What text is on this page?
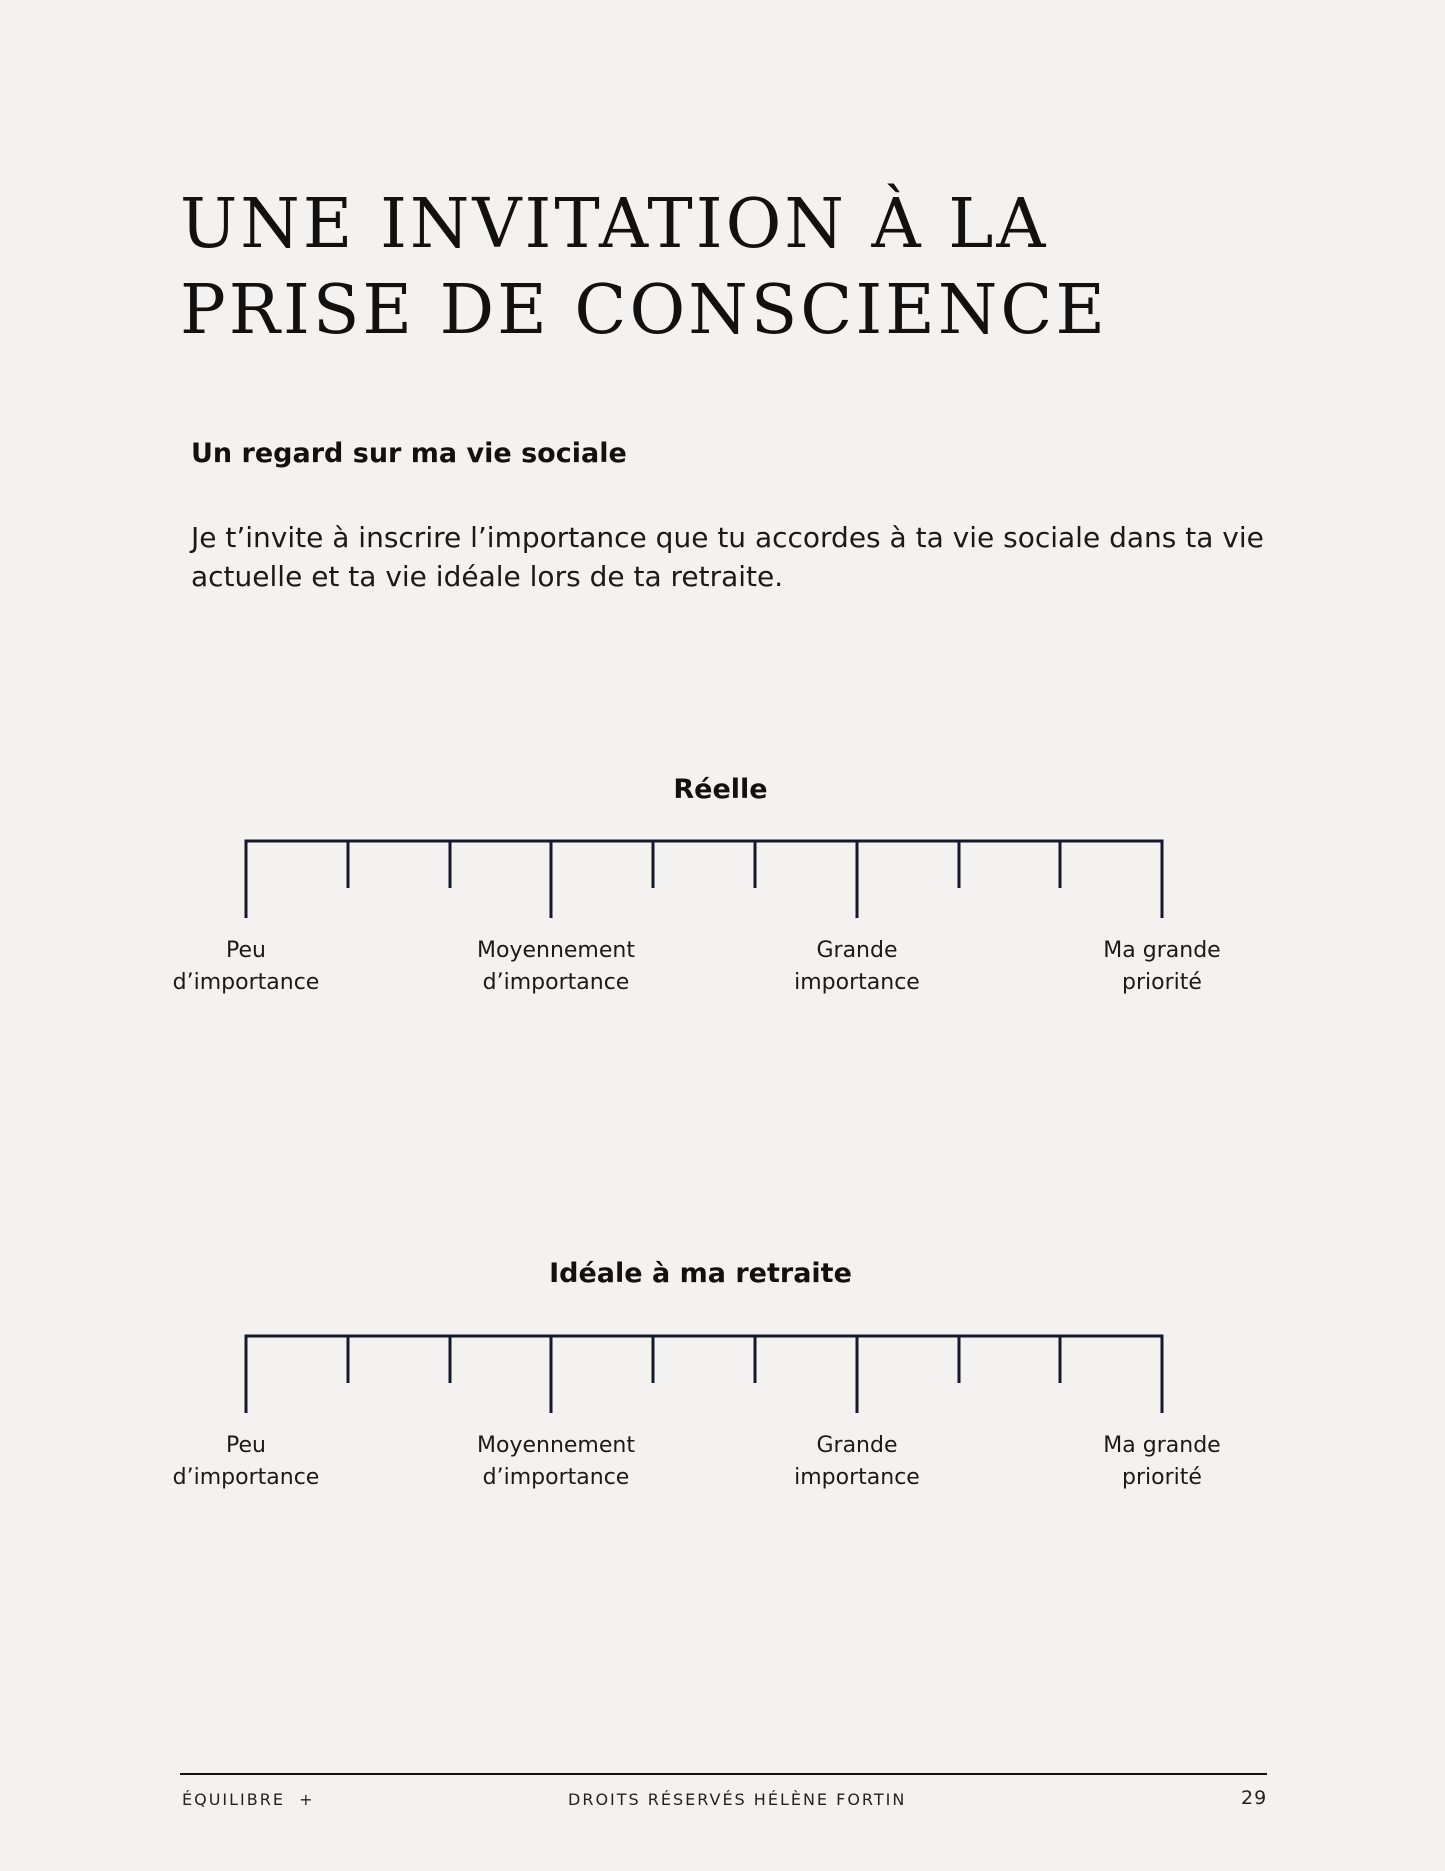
UNE INVITATION À LA
PRISE DE CONSCIENCE
Un regard sur ma vie sociale
Je t’invite à inscrire l’importance que tu accordes à ta vie sociale dans ta vie
actuelle et ta vie idéale lors de ta retraite.
Réelle
Peu
d’importance
Moyennement
d’importance
Grande
importance
Ma grande
priorité
Idéale à ma retraite
Peu
d’importance
Moyennement
d’importance
Grande
importance
Ma grande
priorité
ÉQUILIBRE  +	DROITS RÉSERVÉS HÉLÈNE FORTIN	29
